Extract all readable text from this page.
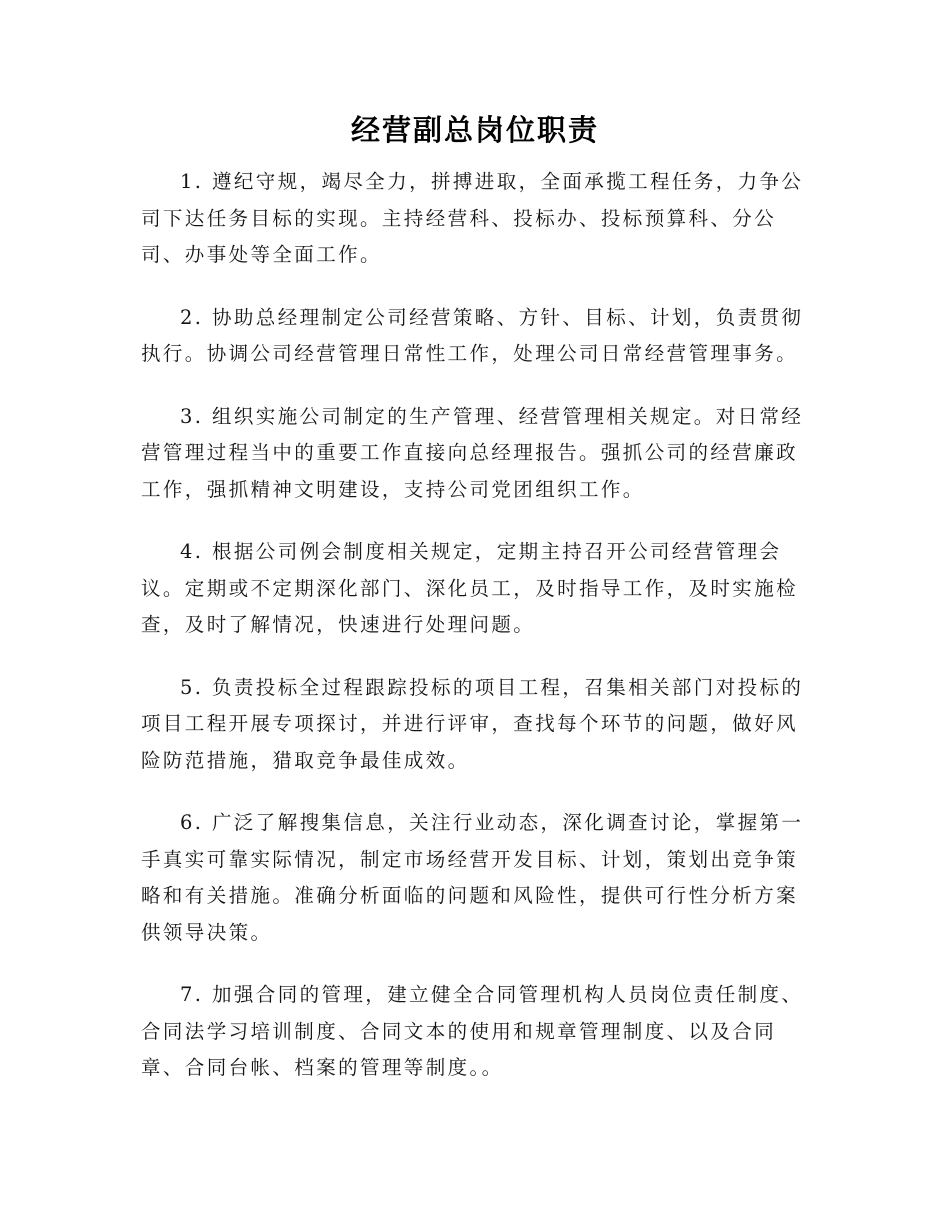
经营副总岗位职责

1. 遵纪守规，竭尽全力，拼搏进取，全面承揽工程任务，力争公司下达任务目标的实现。主持经营科、投标办、投标预算科、分公司、办事处等全面工作。

2. 协助总经理制定公司经营策略、方针、目标、计划，负责贯彻执行。协调公司经营管理日常性工作，处理公司日常经营管理事务。

3. 组织实施公司制定的生产管理、经营管理相关规定。对日常经营管理过程当中的重要工作直接向总经理报告。强抓公司的经营廉政工作，强抓精神文明建设，支持公司党团组织工作。

4. 根据公司例会制度相关规定，定期主持召开公司经营管理会议。定期或不定期深化部门、深化员工，及时指导工作，及时实施检查，及时了解情况，快速进行处理问题。

5. 负责投标全过程跟踪投标的项目工程，召集相关部门对投标的项目工程开展专项探讨，并进行评审，查找每个环节的问题，做好风险防范措施，猎取竞争最佳成效。

6. 广泛了解搜集信息，关注行业动态，深化调查讨论，掌握第一手真实可靠实际情况，制定市场经营开发目标、计划，策划出竞争策略和有关措施。准确分析面临的问题和风险性，提供可行性分析方案供领导决策。

7. 加强合同的管理，建立健全合同管理机构人员岗位责任制度、合同法学习培训制度、合同文本的使用和规章管理制度、以及合同章、合同台帐、档案的管理等制度。。
